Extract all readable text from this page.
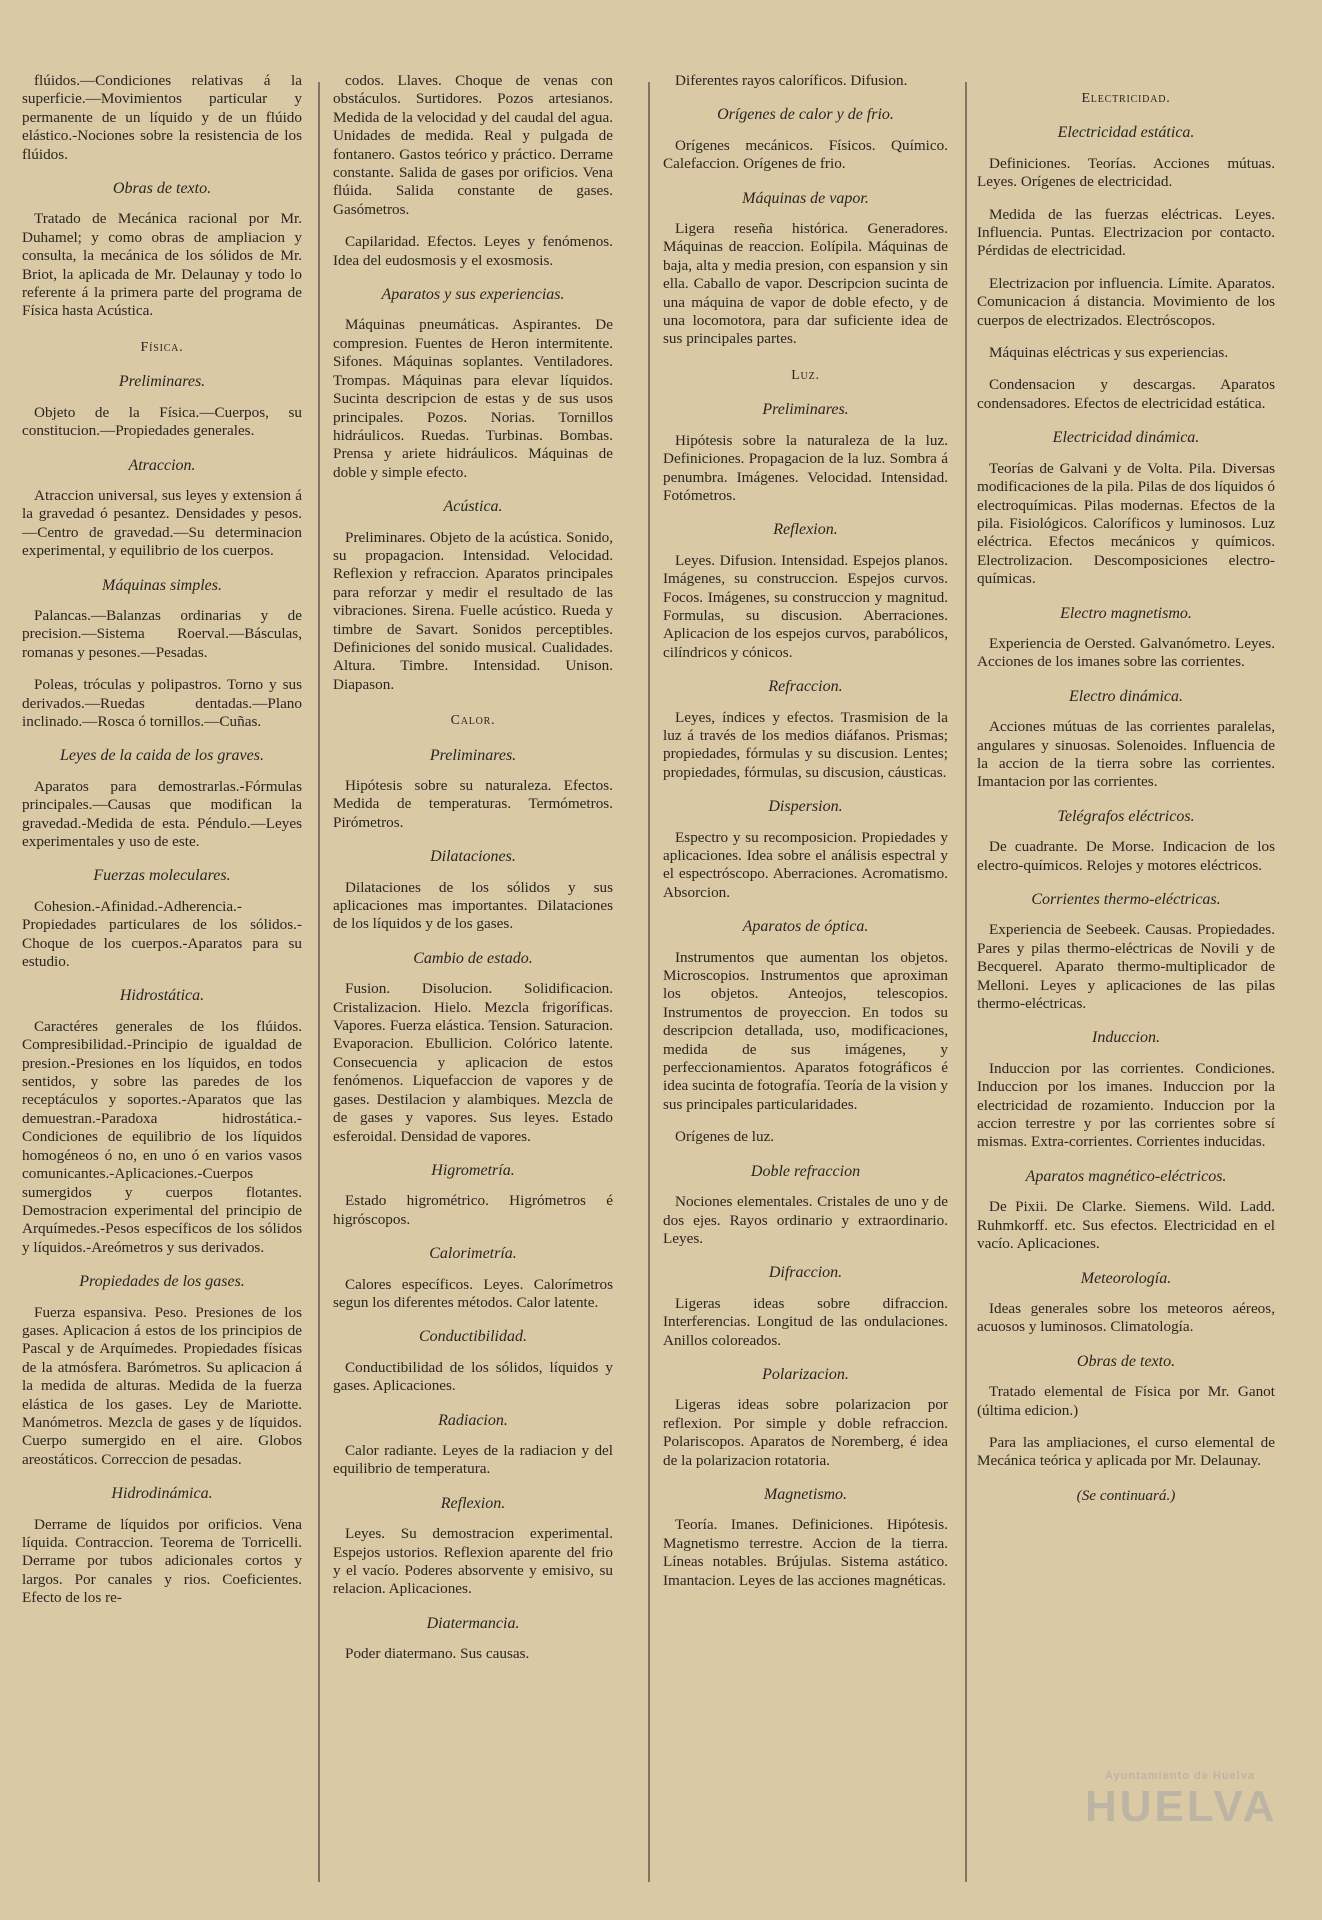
flúidos.—Condiciones relativas á la superficie.—Movimientos particular y permanente de un líquido y de un flúido elástico.-Nociones sobre la resistencia de los flúidos.

Obras de texto.

Tratado de Mecánica racional por Mr. Duhamel; y como obras de ampliacion y consulta, la mecánica de los sólidos de Mr. Briot, la aplicada de Mr. Delaunay y todo lo referente á la primera parte del programa de Física hasta Acústica.

Física.
Preliminares.

Objeto de la Física.—Cuerpos, su constitucion.—Propiedades generales.

Atraccion.

Atraccion universal, sus leyes y extension á la gravedad ó pesantez. Densidades y pesos.—Centro de gravedad.—Su determinacion experimental, y equilibrio de los cuerpos.

Máquinas simples.

Palancas.—Balanzas ordinarias y de precision.—Sistema Roerval.—Básculas, romanas y pesones.—Pesadas.

Poleas, tróculas y polipastros. Torno y sus derivados.—Ruedas dentadas.—Plano inclinado.—Rosca ó tornillos.—Cuñas.

Leyes de la caida de los graves.

Aparatos para demostrarlas.-Fórmulas principales.—Causas que modifican la gravedad.-Medida de esta. Péndulo.—Leyes experimentales y uso de este.

Fuerzas moleculares.

Cohesion.-Afinidad.-Adherencia.-Propiedades particulares de los sólidos.-Choque de los cuerpos.-Aparatos para su estudio.

Hidrostática.

Caractéres generales de los flúidos. Compresibilidad.-Principio de igualdad de presion.-Presiones en los líquidos, en todos sentidos, y sobre las paredes de los receptáculos y soportes.-Aparatos que las demuestran.-Paradoxa hidrostática.-Condiciones de equilibrio de los líquidos homogéneos ó no, en uno ó en varios vasos comunicantes.-Aplicaciones.-Cuerpos sumergidos y cuerpos flotantes. Demostracion experimental del principio de Arquímedes.-Pesos específicos de los sólidos y líquidos.-Areómetros y sus derivados.

Propiedades de los gases.

Fuerza espansiva. Peso. Presiones de los gases. Aplicacion á estos de los principios de Pascal y de Arquímedes. Propiedades físicas de la atmósfera. Barómetros. Su aplicacion á la medida de alturas. Medida de la fuerza elástica de los gases. Ley de Mariotte. Manómetros. Mezcla de gases y de líquidos. Cuerpo sumergido en el aire. Globos areostáticos. Correccion de pesadas.

Hidrodinámica.

Derrame de líquidos por orificios. Vena líquida. Contraccion. Teorema de Torricelli. Derrame por tubos adicionales cortos y largos. Por canales y rios. Coeficientes. Efecto de los re-

codos. Llaves. Choque de venas con obstáculos. Surtidores. Pozos artesianos. Medida de la velocidad y del caudal del agua. Unidades de medida. Real y pulgada de fontanero. Gastos teórico y práctico. Derrame constante. Salida de gases por orificios. Vena flúida. Salida constante de gases. Gasómetros.

Capilaridad. Efectos. Leyes y fenómenos. Idea del eudosmosis y el exosmosis.

Aparatos y sus experiencias.

Máquinas pneumáticas. Aspirantes. De compresion. Fuentes de Heron intermitente. Sifones. Máquinas soplantes. Ventiladores. Trompas. Máquinas para elevar líquidos. Sucinta descripcion de estas y de sus usos principales. Pozos. Norias. Tornillos hidráulicos. Ruedas. Turbinas. Bombas. Prensa y ariete hidráulicos. Máquinas de doble y simple efecto.

Acústica.

Preliminares. Objeto de la acústica. Sonido, su propagacion. Intensidad. Velocidad. Reflexion y refraccion. Aparatos principales para reforzar y medir el resultado de las vibraciones. Sirena. Fuelle acústico. Rueda y timbre de Savart. Sonidos perceptibles. Definiciones del sonido musical. Cualidades. Altura. Timbre. Intensidad. Unison. Diapason.

Calor.
Preliminares.

Hipótesis sobre su naturaleza. Efectos. Medida de temperaturas. Termómetros. Pirómetros.

Dilataciones.

Dilataciones de los sólidos y sus aplicaciones mas importantes. Dilataciones de los líquidos y de los gases.

Cambio de estado.

Fusion. Disolucion. Solidificacion. Cristalizacion. Hielo. Mezcla frigoríficas. Vapores. Fuerza elástica. Tension. Saturacion. Evaporacion. Ebullicion. Colórico latente. Consecuencia y aplicacion de estos fenómenos. Liquefaccion de vapores y de gases. Destilacion y alambiques. Mezcla de de gases y vapores. Sus leyes. Estado esferoidal. Densidad de vapores.

Higrometría.

Estado higrométrico. Higrómetros é higróscopos.

Calorimetría.

Calores específicos. Leyes. Calorímetros segun los diferentes métodos. Calor latente.

Conductibilidad.

Conductibilidad de los sólidos, líquidos y gases. Aplicaciones.

Radiacion.

Calor radiante. Leyes de la radiacion y del equilibrio de temperatura.

Reflexion.

Leyes. Su demostracion experimental. Espejos ustorios. Reflexion aparente del frio y el vacío. Poderes absorvente y emisivo, su relacion. Aplicaciones.

Diatermancia.

Poder diatermano. Sus causas.

Diferentes rayos caloríficos. Difusion.

Orígenes de calor y de frio.

Orígenes mecánicos. Físicos. Químico. Calefaccion. Orígenes de frio.

Máquinas de vapor.

Ligera reseña histórica. Generadores. Máquinas de reaccion. Eolípila. Máquinas de baja, alta y media presion, con espansion y sin ella. Caballo de vapor. Descripcion sucinta de una máquina de vapor de doble efecto, y de una locomotora, para dar suficiente idea de sus principales partes.

Luz.
Preliminares.

Hipótesis sobre la naturaleza de la luz. Definiciones. Propagacion de la luz. Sombra á penumbra. Imágenes. Velocidad. Intensidad. Fotómetros.

Reflexion.

Leyes. Difusion. Intensidad. Espejos planos. Imágenes, su construccion. Espejos curvos. Focos. Imágenes, su construccion y magnitud. Formulas, su discusion. Aberraciones. Aplicacion de los espejos curvos, parabólicos, cilíndricos y cónicos.

Refraccion.

Leyes, índices y efectos. Trasmision de la luz á través de los medios diáfanos. Prismas; propiedades, fórmulas y su discusion. Lentes; propiedades, fórmulas, su discusion, cáusticas.

Dispersion.

Espectro y su recomposicion. Propiedades y aplicaciones. Idea sobre el análisis espectral y el espectróscopo. Aberraciones. Acromatismo. Absorcion.

Aparatos de óptica.

Instrumentos que aumentan los objetos. Microscopios. Instrumentos que aproximan los objetos. Anteojos, telescopios. Instrumentos de proyeccion. En todos su descripcion detallada, uso, modificaciones, medida de sus imágenes, y perfeccionamientos. Aparatos fotográficos é idea sucinta de fotografía. Teoría de la vision y sus principales particularidades.

Orígenes de luz.

Doble refraccion

Nociones elementales. Cristales de uno y de dos ejes. Rayos ordinario y extraordinario. Leyes.

Difraccion.

Ligeras ideas sobre difraccion. Interferencias. Longitud de las ondulaciones. Anillos coloreados.

Polarizacion.

Ligeras ideas sobre polarizacion por reflexion. Por simple y doble refraccion. Polariscopos. Aparatos de Noremberg, é idea de la polarizacion rotatoria.

Magnetismo.

Teoría. Imanes. Definiciones. Hipótesis. Magnetismo terrestre. Accion de la tierra. Líneas notables. Brújulas. Sistema astático. Imantacion. Leyes de las acciones magnéticas.

Electricidad.
Electricidad estática.

Definiciones. Teorías. Acciones mútuas. Leyes. Orígenes de electricidad.

Medida de las fuerzas eléctricas. Leyes. Influencia. Puntas. Electrizacion por contacto. Pérdidas de electricidad.

Electrizacion por influencia. Límite. Aparatos. Comunicacion á distancia. Movimiento de los cuerpos de electrizados. Electróscopos.

Máquinas eléctricas y sus experiencias.

Condensacion y descargas. Aparatos condensadores. Efectos de electricidad estática.

Electricidad dinámica.

Teorías de Galvani y de Volta. Pila. Diversas modificaciones de la pila. Pilas de dos líquidos ó electroquímicas. Pilas modernas. Efectos de la pila. Fisiológicos. Caloríficos y luminosos. Luz eléctrica. Efectos mecánicos y químicos. Electrolizacion. Descomposiciones electro-químicas.

Electro magnetismo.

Experiencia de Oersted. Galvanómetro. Leyes. Acciones de los imanes sobre las corrientes.

Electro dinámica.

Acciones mútuas de las corrientes paralelas, angulares y sinuosas. Solenoides. Influencia de la accion de la tierra sobre las corrientes. Imantacion por las corrientes.

Telégrafos eléctricos.

De cuadrante. De Morse. Indicacion de los electro-químicos. Relojes y motores eléctricos.

Corrientes thermo-eléctricas.

Experiencia de Seebeek. Causas. Propiedades. Pares y pilas thermo-eléctricas de Novili y de Becquerel. Aparato thermo-multiplicador de Melloni. Leyes y aplicaciones de las pilas thermo-eléctricas.

Induccion.

Induccion por las corrientes. Condiciones. Induccion por los imanes. Induccion por la electricidad de rozamiento. Induccion por la accion terrestre y por las corrientes sobre sí mismas. Extra-corrientes. Corrientes inducidas.

Aparatos magnético-eléctricos.

De Pixii. De Clarke. Siemens. Wild. Ladd. Ruhmkorff. etc. Sus efectos. Electricidad en el vacío. Aplicaciones.

Meteorología.

Ideas generales sobre los meteoros aéreos, acuosos y luminosos. Climatología.

Obras de texto.

Tratado elemental de Física por Mr. Ganot (última edicion.)

Para las ampliaciones, el curso elemental de Mecánica teórica y aplicada por Mr. Delaunay.

(Se continuará.)
Ayuntamiento de Huelva
HUELVA
